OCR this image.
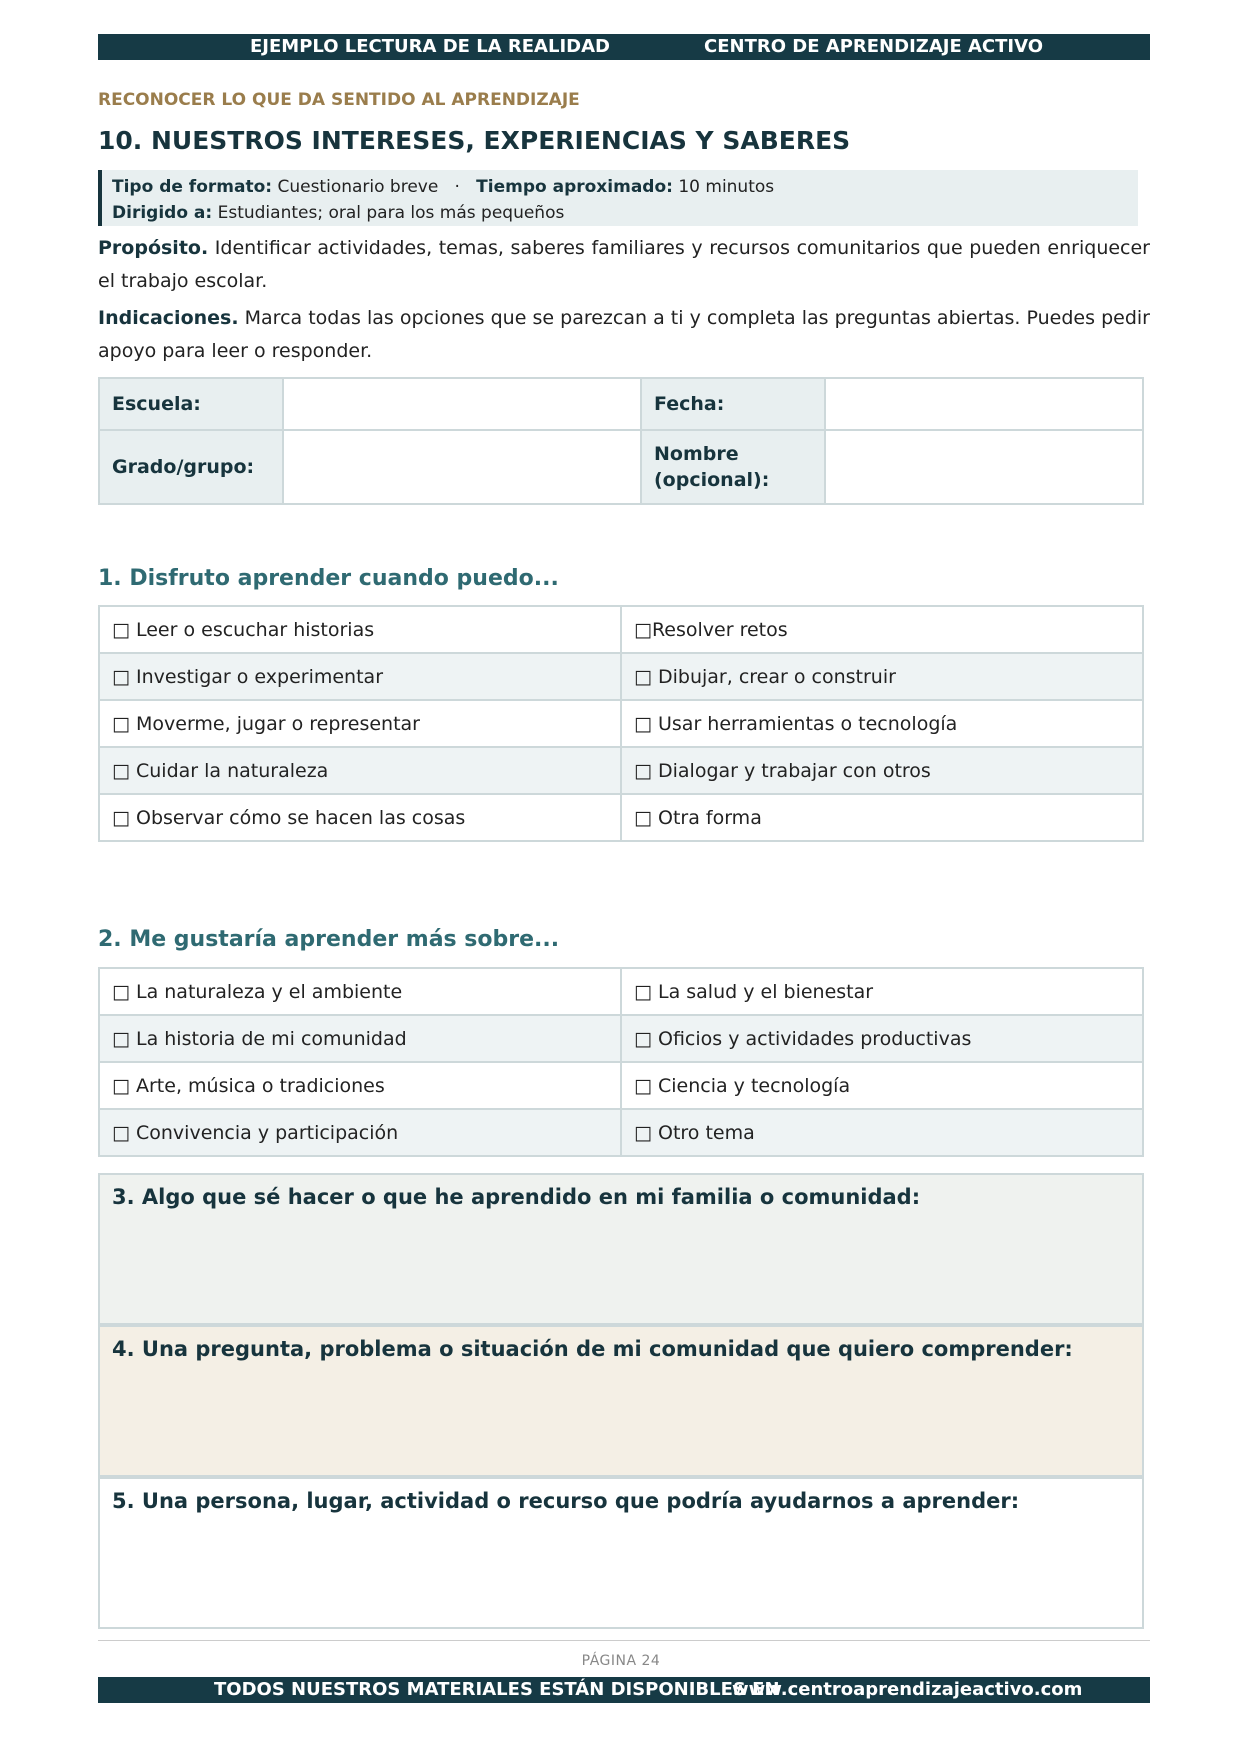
EJEMPLO LECTURA DE LA REALIDAD	CENTRO DE APRENDIZAJE ACTIVO
RECONOCER LO QUE DA SENTIDO AL APRENDIZAJE
10. NUESTROS INTERESES, EXPERIENCIAS Y SABERES
Tipo de formato: Cuestionario breve · Tiempo aproximado: 10 minutos
Dirigido a: Estudiantes; oral para los más pequeños
Propósito. Identificar actividades, temas, saberes familiares y recursos comunitarios que pueden enriquecer el trabajo escolar.
Indicaciones. Marca todas las opciones que se parezcan a ti y completa las preguntas abiertas. Puedes pedir apoyo para leer o responder.
Escuela:		Fecha:	
Grado/grupo:		Nombre (opcional):	
1. Disfruto aprender cuando puedo...
□ Leer o escuchar historias	□Resolver retos
□ Investigar o experimentar	□ Dibujar, crear o construir
□ Moverme, jugar o representar	□ Usar herramientas o tecnología
□ Cuidar la naturaleza	□ Dialogar y trabajar con otros
□ Observar cómo se hacen las cosas	□ Otra forma
2. Me gustaría aprender más sobre...
□ La naturaleza y el ambiente	□ La salud y el bienestar
□ La historia de mi comunidad	□ Oficios y actividades productivas
□ Arte, música o tradiciones	□ Ciencia y tecnología
□ Convivencia y participación	□ Otro tema
3. Algo que sé hacer o que he aprendido en mi familia o comunidad:
4. Una pregunta, problema o situación de mi comunidad que quiero comprender:
5. Una persona, lugar, actividad o recurso que podría ayudarnos a aprender:
PÁGINA 24
TODOS NUESTROS MATERIALES ESTÁN DISPONIBLES EN
www.centroaprendizajeactivo.com
